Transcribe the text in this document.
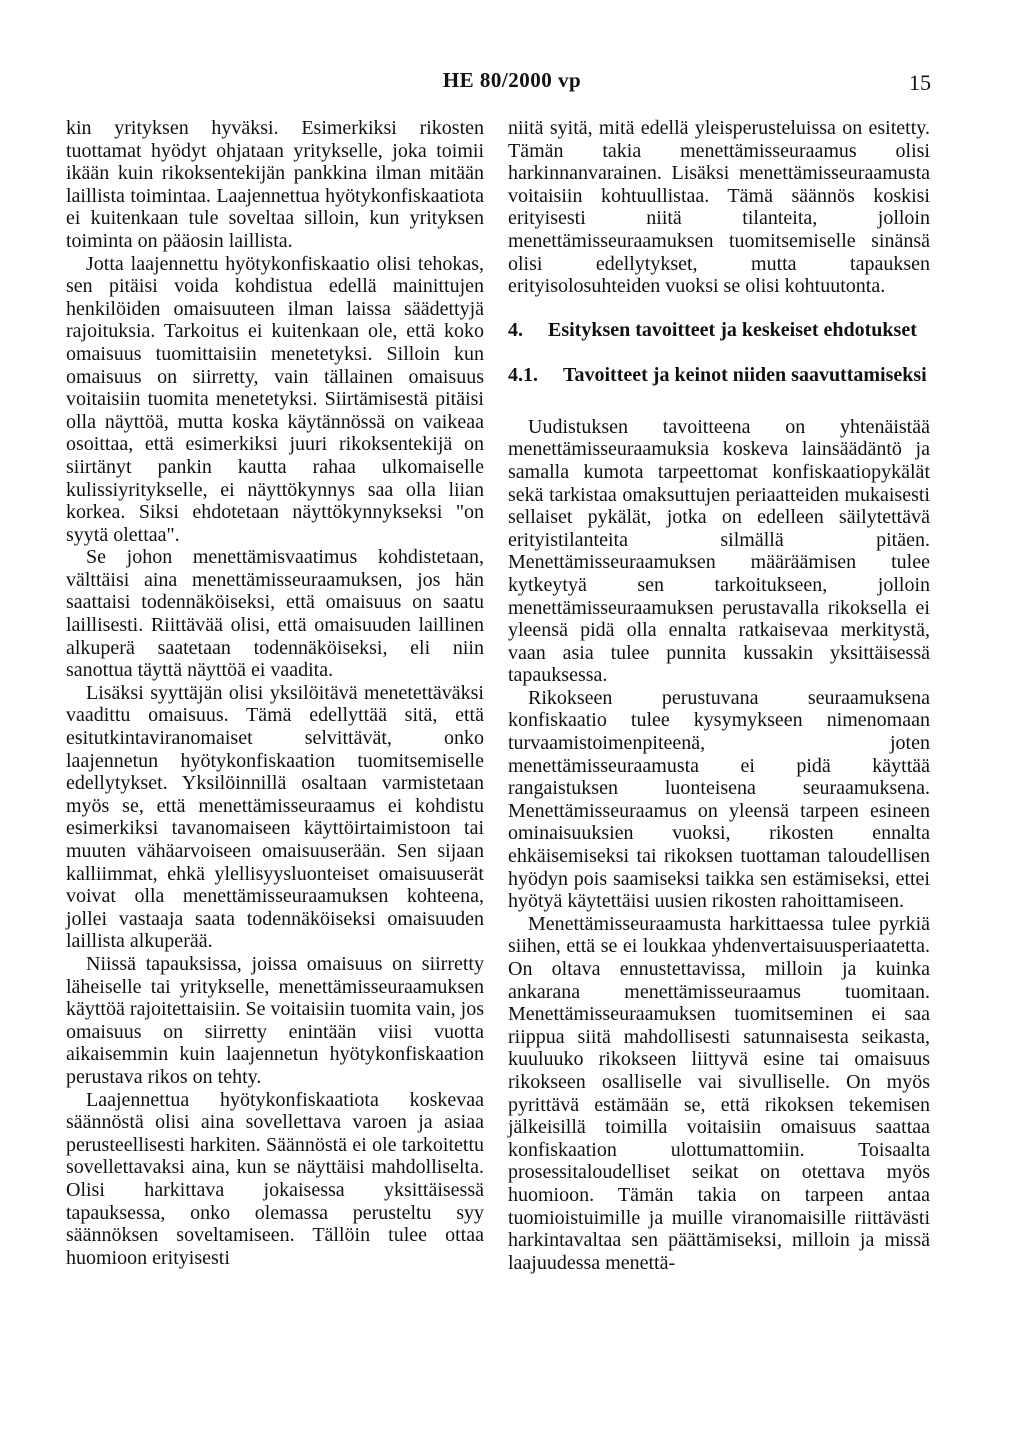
HE 80/2000 vp	15

kin yrityksen hyväksi. Esimerkiksi rikosten tuottamat hyödyt ohjataan yritykselle, joka toimii ikään kuin rikoksentekijän pankkina ilman mitään laillista toimintaa. Laajennettua hyötykonfiskaatiota ei kuitenkaan tule soveltaa silloin, kun yrityksen toiminta on pääosin laillista.

Jotta laajennettu hyötykonfiskaatio olisi tehokas, sen pitäisi voida kohdistua edellä mainittujen henkilöiden omaisuuteen ilman laissa säädettyjä rajoituksia. Tarkoitus ei kuitenkaan ole, että koko omaisuus tuomittaisiin menetetyksi. Silloin kun omaisuus on siirretty, vain tällainen omaisuus voitaisiin tuomita menetetyksi. Siirtämisestä pitäisi olla näyttöä, mutta koska käytännössä on vaikeaa osoittaa, että esimerkiksi juuri rikoksentekijä on siirtänyt pankin kautta rahaa ulkomaiselle kulissiyritykselle, ei näyttökynnys saa olla liian korkea. Siksi ehdotetaan näyttökynnykseksi "on syytä olettaa".

Se johon menettämisvaatimus kohdistetaan, välttäisi aina menettämisseuraamuksen, jos hän saattaisi todennäköiseksi, että omaisuus on saatu laillisesti. Riittävää olisi, että omaisuuden laillinen alkuperä saatetaan todennäköiseksi, eli niin sanottua täyttä näyttöä ei vaadita.

Lisäksi syyttäjän olisi yksilöitävä menetettäväksi vaadittu omaisuus. Tämä edellyttää sitä, että esitutkintaviranomaiset selvittävät, onko laajennetun hyötykonfiskaation tuomitsemiselle edellytykset. Yksilöinnillä osaltaan varmistetaan myös se, että menettämisseuraamus ei kohdistu esimerkiksi tavanomaiseen käyttöirtaimistoon tai muuten vähäarvoiseen omaisuuserään. Sen sijaan kalliimmat, ehkä ylellisyysluonteiset omaisuuserät voivat olla menettämisseuraamuksen kohteena, jollei vastaaja saata todennäköiseksi omaisuuden laillista alkuperää.

Niissä tapauksissa, joissa omaisuus on siirretty läheiselle tai yritykselle, menettämisseuraamuksen käyttöä rajoitettaisiin. Se voitaisiin tuomita vain, jos omaisuus on siirretty enintään viisi vuotta aikaisemmin kuin laajennetun hyötykonfiskaation perustava rikos on tehty.

Laajennettua hyötykonfiskaatiota koskevaa säännöstä olisi aina sovellettava varoen ja asiaa perusteellisesti harkiten. Säännöstä ei ole tarkoitettu sovellettavaksi aina, kun se näyttäisi mahdolliselta. Olisi harkittava jokaisessa yksittäisessä tapauksessa, onko olemassa perusteltu syy säännöksen soveltamiseen. Tällöin tulee ottaa huomioon erityisesti

niitä syitä, mitä edellä yleisperusteluissa on esitetty. Tämän takia menettämisseuraamus olisi harkinnanvarainen. Lisäksi menettämisseuraamusta voitaisiin kohtuullistaa. Tämä säännös koskisi erityisesti niitä tilanteita, jolloin menettämisseuraamuksen tuomitsemiselle sinänsä olisi edellytykset, mutta tapauksen erityisolosuhteiden vuoksi se olisi kohtuutonta.

4.	Esityksen tavoitteet ja keskeiset ehdotukset
4.1.	Tavoitteet ja keinot niiden saavuttamiseksi

Uudistuksen tavoitteena on yhtenäistää menettämisseuraamuksia koskeva lainsäädäntö ja samalla kumota tarpeettomat konfiskaatiopykälät sekä tarkistaa omaksuttujen periaatteiden mukaisesti sellaiset pykälät, jotka on edelleen säilytettävä erityistilanteita silmällä pitäen. Menettämisseuraamuksen määräämisen tulee kytkeytyä sen tarkoitukseen, jolloin menettämisseuraamuksen perustavalla rikoksella ei yleensä pidä olla ennalta ratkaisevaa merkitystä, vaan asia tulee punnita kussakin yksittäisessä tapauksessa.

Rikokseen perustuvana seuraamuksena konfiskaatio tulee kysymykseen nimenomaan turvaamistoimenpiteenä, joten menettämisseuraamusta ei pidä käyttää rangaistuksen luonteisena seuraamuksena. Menettämisseuraamus on yleensä tarpeen esineen ominaisuuksien vuoksi, rikosten ennalta ehkäisemiseksi tai rikoksen tuottaman taloudellisen hyödyn pois saamiseksi taikka sen estämiseksi, ettei hyötyä käytettäisi uusien rikosten rahoittamiseen.

Menettämisseuraamusta harkittaessa tulee pyrkiä siihen, että se ei loukkaa yhdenvertaisuusperiaatetta. On oltava ennustettavissa, milloin ja kuinka ankarana menettämisseuraamus tuomitaan. Menettämisseuraamuksen tuomitseminen ei saa riippua siitä mahdollisesti satunnaisesta seikasta, kuuluuko rikokseen liittyvä esine tai omaisuus rikokseen osalliselle vai sivulliselle. On myös pyrittävä estämään se, että rikoksen tekemisen jälkeisillä toimilla voitaisiin omaisuus saattaa konfiskaation ulottumattomiin. Toisaalta prosessitaloudelliset seikat on otettava myös huomioon. Tämän takia on tarpeen antaa tuomioistuimille ja muille viranomaisille riittävästi harkintavaltaa sen päättämiseksi, milloin ja missä laajuudessa menettä-
